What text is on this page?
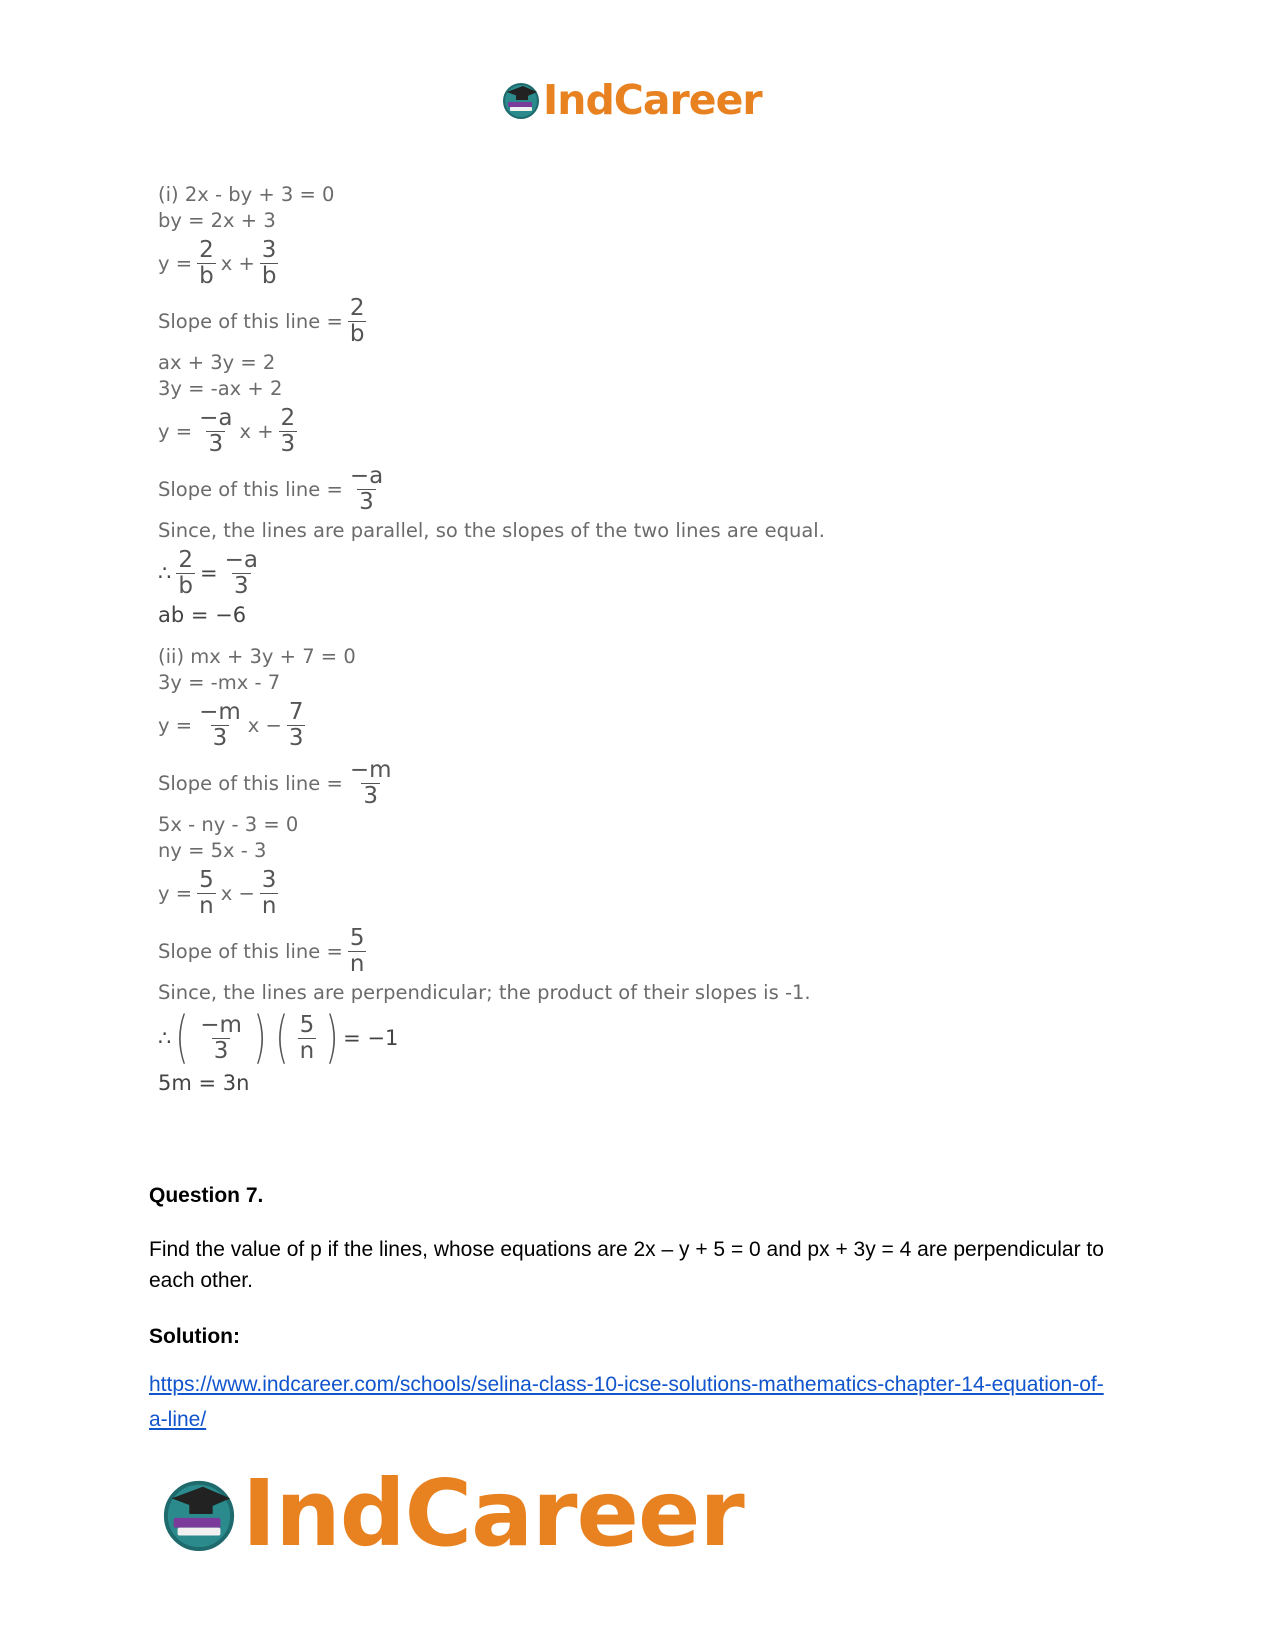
IndCareer
(i) 2x - by + 3 = 0
by = 2x + 3
$y = \frac{2}{b}$ $x + \frac{3}{b}$
Slope of this line = $\frac{2}{b}$
ax + 3y = 2
3y = -ax + 2
$y = \frac{-a}{3}$ $x + \frac{2}{3}$
Slope of this line = $\frac{-a}{3}$
Since, the lines are parallel, so the slopes of the two lines are equal.
∴ $\frac{2}{b} = \frac{-a}{3}$
ab = −6
(ii) mx + 3y + 7 = 0
3y = -mx - 7
$y = \frac{-m}{3}$ $x - \frac{7}{3}$
Slope of this line = $\frac{-m}{3}$
5x - ny - 3 = 0
ny = 5x - 3
$y = \frac{5}{n}$ $x - \frac{3}{n}$
Slope of this line = $\frac{5}{n}$
Since, the lines are perpendicular; the product of their slopes is -1.
∴ ( $\frac{-m}{3}$ ) ( $\frac{5}{n}$ ) = −1
5m = 3n
Question 7.
Find the value of p if the lines, whose equations are 2x – y + 5 = 0 and px + 3y = 4 are perpendicular to each other.
Solution:
https://www.indcareer.com/schools/selina-class-10-icse-solutions-mathematics-chapter-14-equation-of-a-line/
IndCareer
